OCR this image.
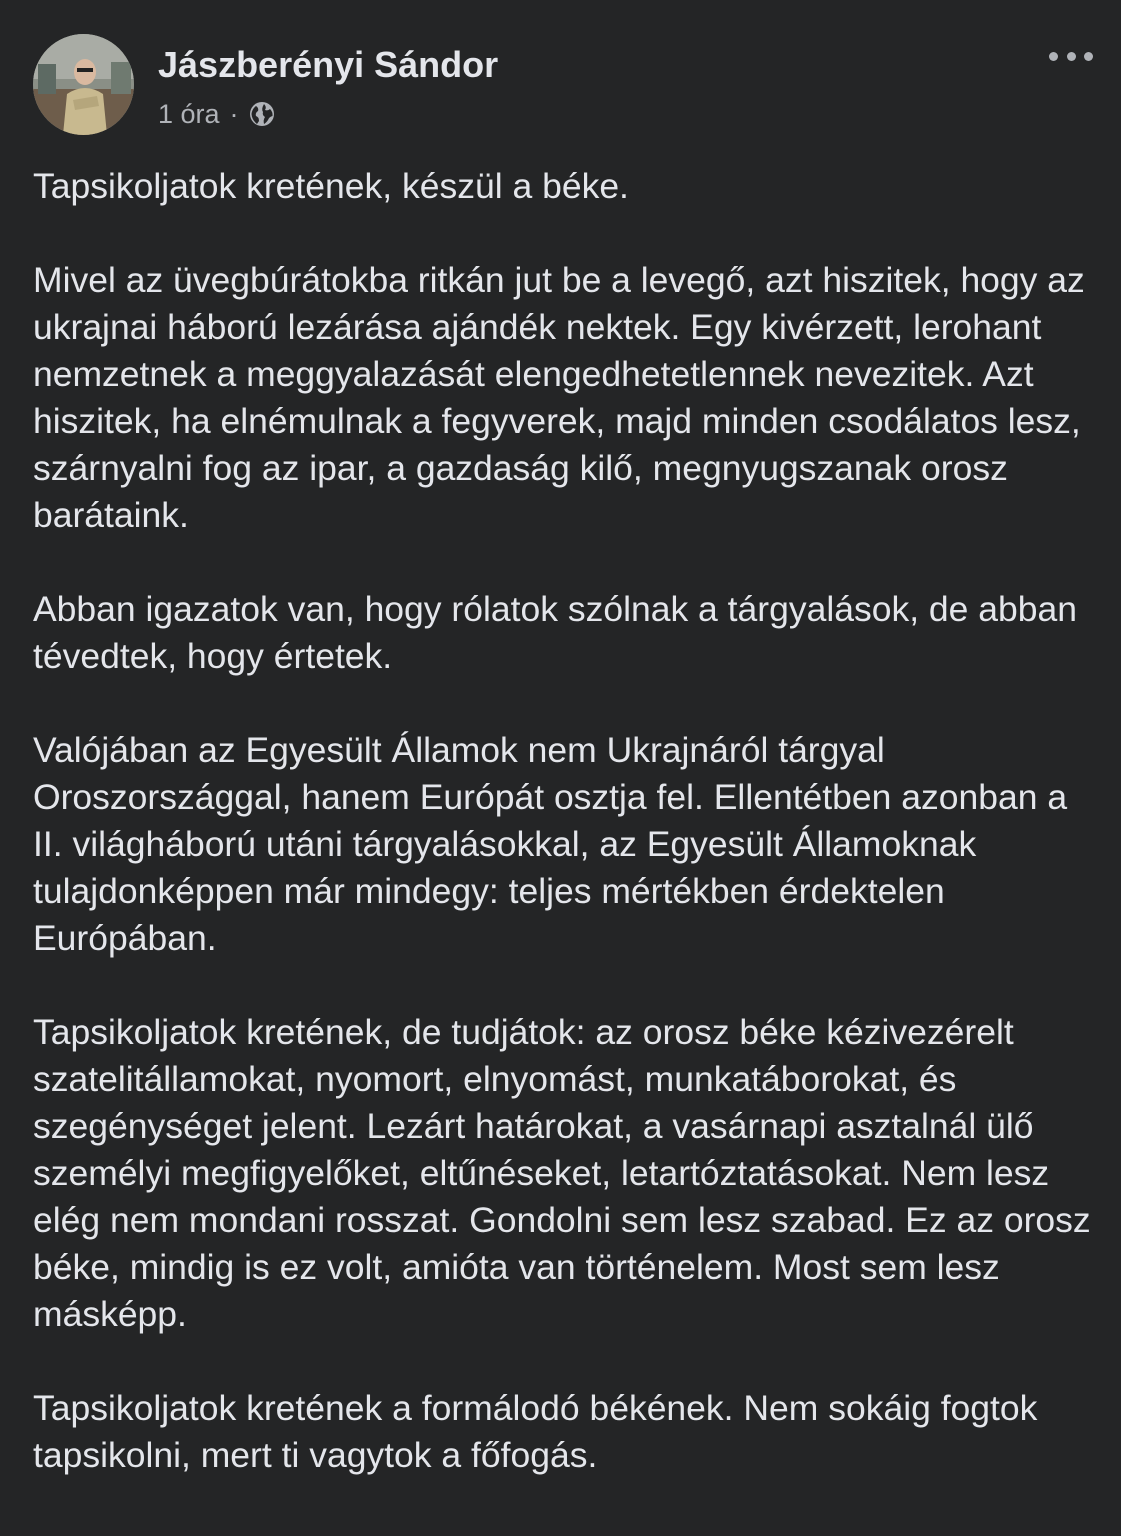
Jászberényi Sándor
1 óra ·

Tapsikoljatok kretének, készül a béke.

Mivel az üvegbúrátokba ritkán jut be a levegő, azt hiszitek, hogy az ukrajnai háború lezárása ajándék nektek. Egy kivérzett, lerohant nemzetnek a meggyalazását elengedhetetlennek nevezitek. Azt hiszitek, ha elnémulnak a fegyverek, majd minden csodálatos lesz, szárnyalni fog az ipar, a gazdaság kilő, megnyugszanak orosz barátaink.

Abban igazatok van, hogy rólatok szólnak a tárgyalások, de abban tévedtek, hogy értetek.

Valójában az Egyesült Államok nem Ukrajnáról tárgyal Oroszországgal, hanem Európát osztja fel. Ellentétben azonban a II. világháború utáni tárgyalásokkal, az Egyesült Államoknak tulajdonképpen már mindegy: teljes mértékben érdektelen Európában.

Tapsikoljatok kretének, de tudjátok: az orosz béke kézivezérelt szatelitállamokat, nyomort, elnyomást, munkatáborokat, és szegénységet jelent. Lezárt határokat, a vasárnapi asztalnál ülő személyi megfigyelőket, eltűnéseket, letartóztatásokat. Nem lesz elég nem mondani rosszat. Gondolni sem lesz szabad. Ez az orosz béke, mindig is ez volt, amióta van történelem. Most sem lesz másképp.

Tapsikoljatok kretének a formálodó békének. Nem sokáig fogtok tapsikolni, mert ti vagytok a főfogás.
